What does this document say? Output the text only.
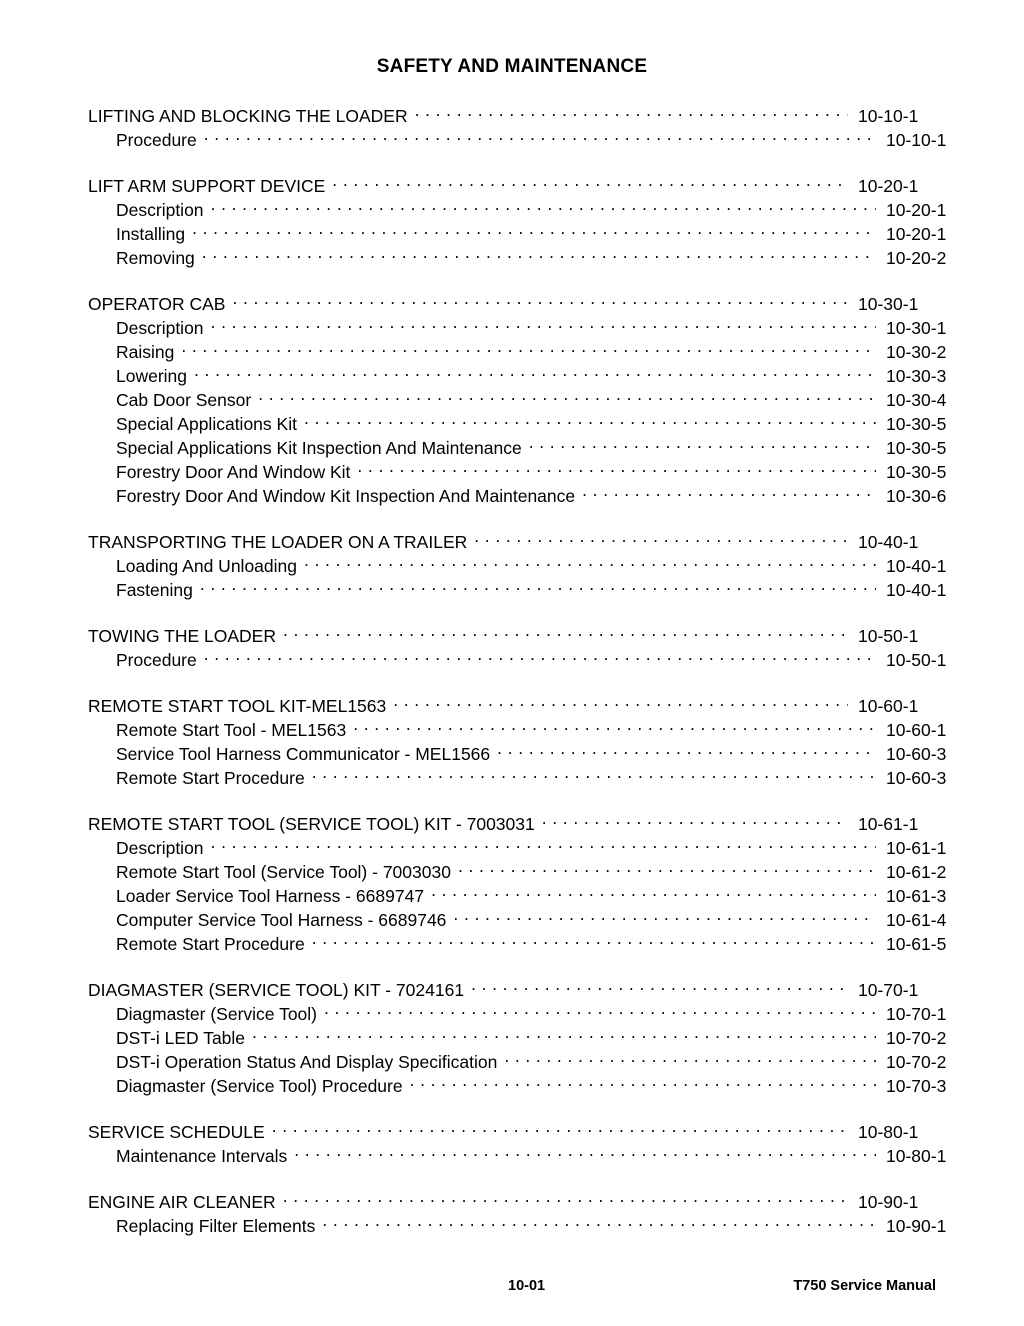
SAFETY AND MAINTENANCE
LIFTING AND BLOCKING THE LOADER . . .	10-10-1
Procedure . . .	10-10-1
LIFT ARM SUPPORT DEVICE . . .	10-20-1
Description . . .	10-20-1
Installing . . .	10-20-1
Removing . . .	10-20-2
OPERATOR CAB . . .	10-30-1
Description . . .	10-30-1
Raising . . .	10-30-2
Lowering . . .	10-30-3
Cab Door Sensor . . .	10-30-4
Special Applications Kit . . .	10-30-5
Special Applications Kit Inspection And Maintenance . . .	10-30-5
Forestry Door And Window Kit . . .	10-30-5
Forestry Door And Window Kit Inspection And Maintenance . . .	10-30-6
TRANSPORTING THE LOADER ON A TRAILER . . .	10-40-1
Loading And Unloading . . .	10-40-1
Fastening . . .	10-40-1
TOWING THE LOADER . . .	10-50-1
Procedure . . .	10-50-1
REMOTE START TOOL KIT-MEL1563 . . .	10-60-1
Remote Start Tool - MEL1563 . . .	10-60-1
Service Tool Harness Communicator - MEL1566 . . .	10-60-3
Remote Start Procedure . . .	10-60-3
REMOTE START TOOL (SERVICE TOOL) KIT - 7003031 . . .	10-61-1
Description . . .	10-61-1
Remote Start Tool (Service Tool) - 7003030 . . .	10-61-2
Loader Service Tool Harness - 6689747 . . .	10-61-3
Computer Service Tool Harness - 6689746 . . .	10-61-4
Remote Start Procedure . . .	10-61-5
DIAGMASTER (SERVICE TOOL) KIT - 7024161 . . .	10-70-1
Diagmaster (Service Tool) . . .	10-70-1
DST-i LED Table . . .	10-70-2
DST-i Operation Status And Display Specification . . .	10-70-2
Diagmaster (Service Tool) Procedure . . .	10-70-3
SERVICE SCHEDULE . . .	10-80-1
Maintenance Intervals . . .	10-80-1
ENGINE AIR CLEANER . . .	10-90-1
Replacing Filter Elements . . .	10-90-1
10-01	T750 Service Manual
